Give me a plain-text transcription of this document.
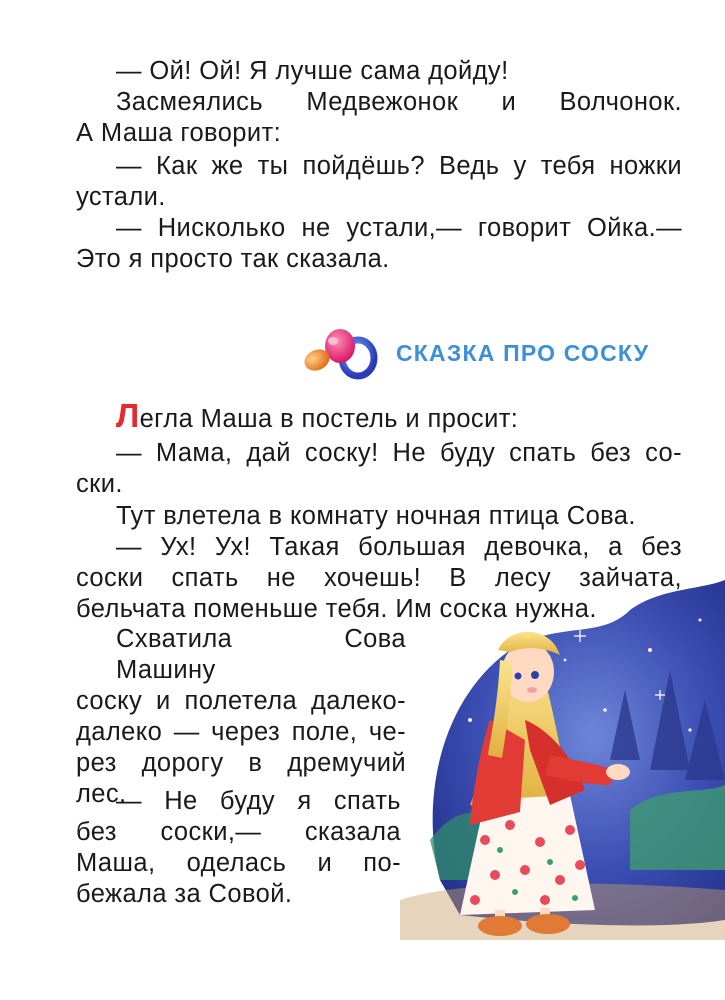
— Ой! Ой! Я лучше сама дойду!

Засмеялись Медвежонок и Волчонок.
А Маша говорит:

— Как же ты пойдёшь? Ведь у тебя ножки
устали.

— Нисколько не устали,— говорит Ойка.—
Это я просто так сказала.

СКАЗКА ПРО СОСКУ

Легла Маша в постель и просит:

— Мама, дай соску! Не буду спать без со-
ски.

Тут влетела в комнату ночная птица Сова.

— Ух! Ух! Такая большая девочка, а без
соски спать не хочешь! В лесу зайчата,
бельчата поменьше тебя. Им соска нужна.

Схватила Сова Машину
соску и полетела далеко-
далеко — через поле, че-
рез дорогу в дремучий
лес.

— Не буду я спать
без соски,— сказала
Маша, оделась и по-
бежала за Совой.
